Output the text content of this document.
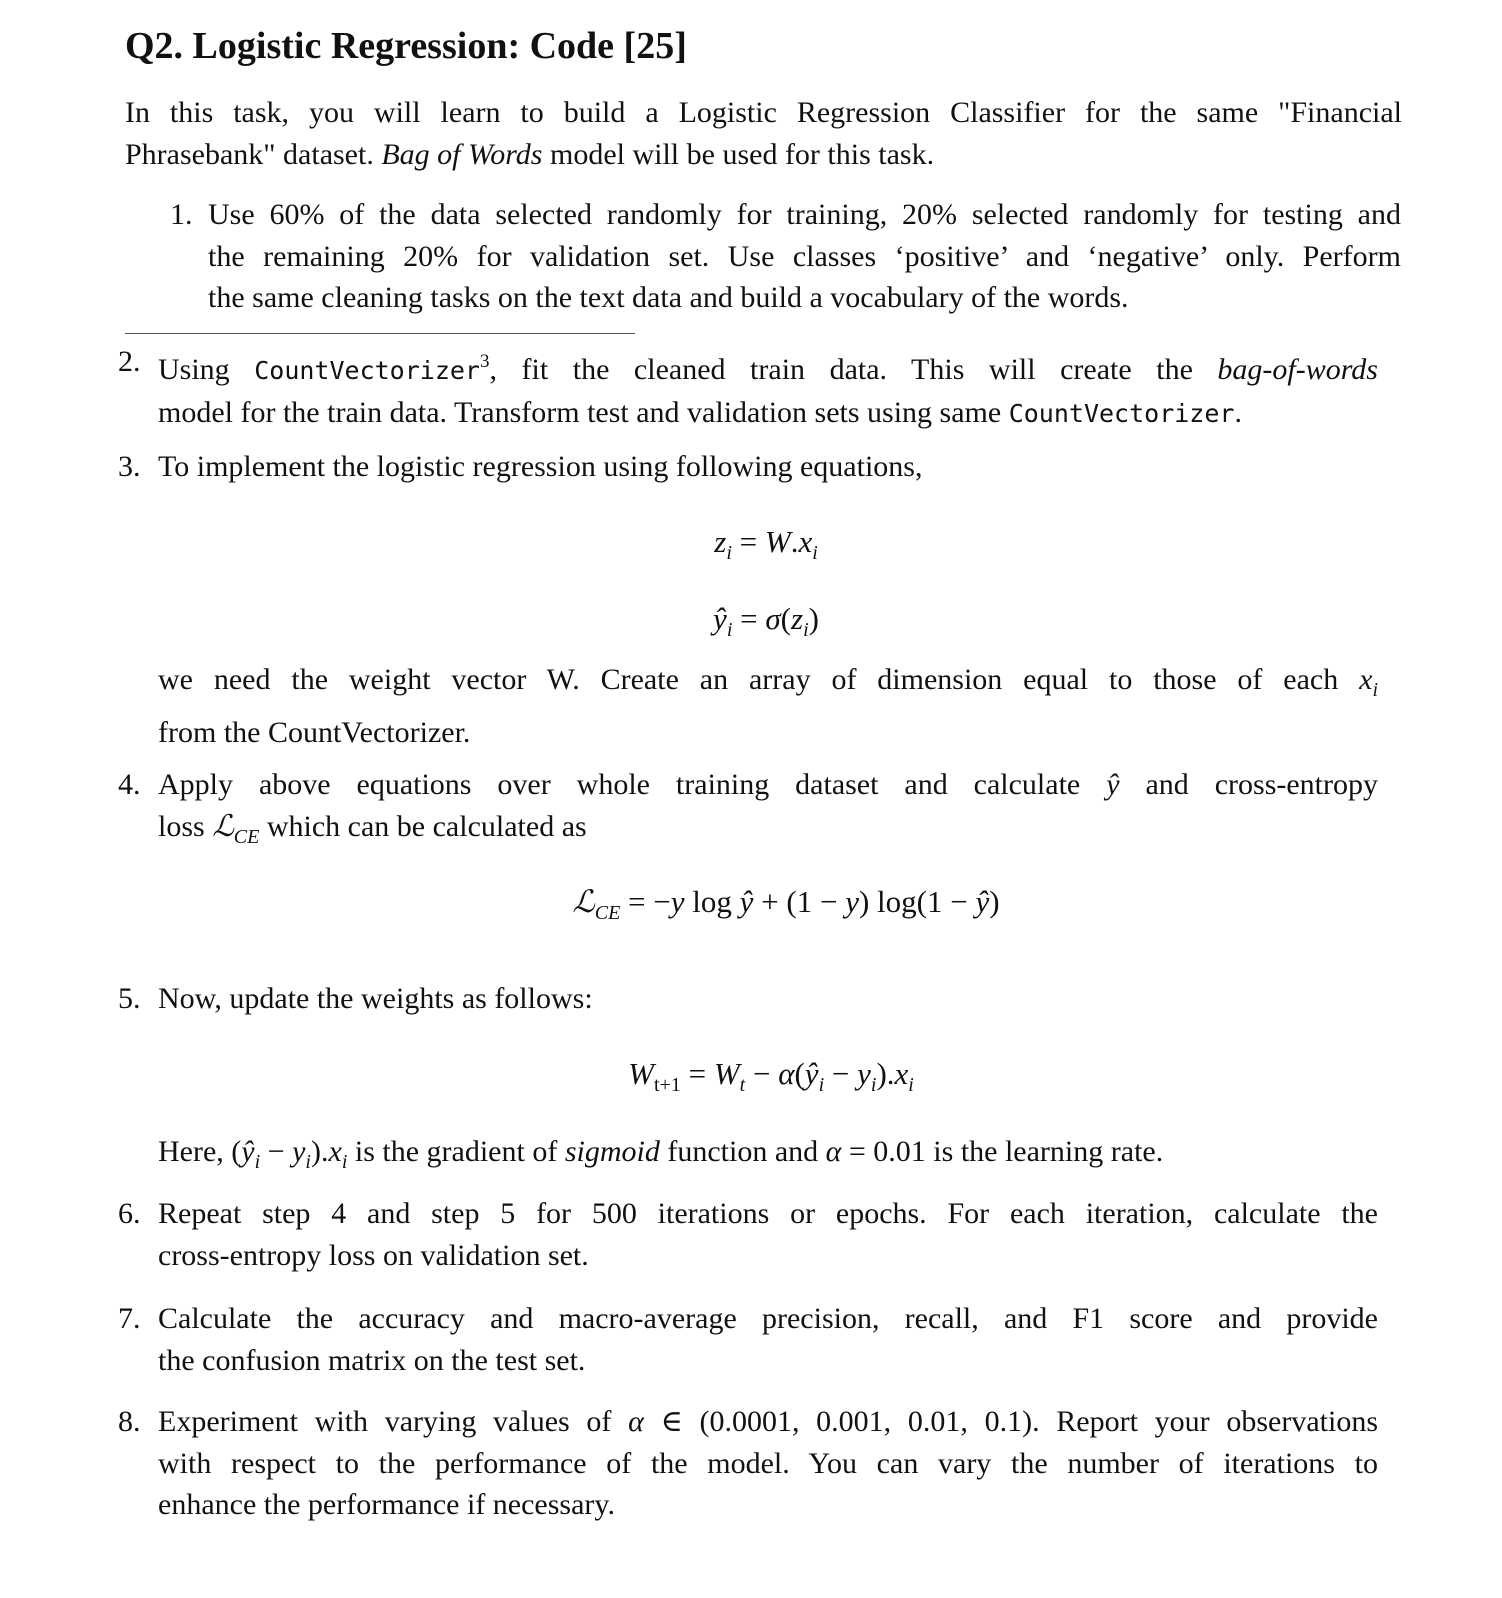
Q2. Logistic Regression: Code [25]
In this task, you will learn to build a Logistic Regression Classifier for the same "Financial
Phrasebank" dataset. Bag of Words model will be used for this task.
1. Use 60% of the data selected randomly for training, 20% selected randomly for testing and
the remaining 20% for validation set. Use classes ‘positive’ and ‘negative’ only. Perform
the same cleaning tasks on the text data and build a vocabulary of the words.
2. Using CountVectorizer$^3$, fit the cleaned train data. This will create the bag-of-words
model for the train data. Transform test and validation sets using same CountVectorizer.
3. To implement the logistic regression using following equations,
$z_i = W.x_i$
$ŷ_i = \sigma(z_i)$
we need the weight vector W. Create an array of dimension equal to those of each $x_i$
from the CountVectorizer.
4. Apply above equations over whole training dataset and calculate ŷ and cross-entropy
loss ℒ$_{CE}$ which can be calculated as
ℒ$_{CE}$ = −y log ŷ + (1 − y) log(1 − ŷ)
5. Now, update the weights as follows:
$W_{t+1} = W_t$ − $\alpha(ŷ_i - y_i).x_i$
Here, $(ŷ_i - y_i).x_i$ is the gradient of sigmoid function and α = 0.01 is the learning rate.
6. Repeat step 4 and step 5 for 500 iterations or epochs. For each iteration, calculate the
cross-entropy loss on validation set.
7. Calculate the accuracy and macro-average precision, recall, and F1 score and provide
the confusion matrix on the test set.
8. Experiment with varying values of α ∈ (0.0001, 0.001, 0.01, 0.1). Report your observations
with respect to the performance of the model. You can vary the number of iterations to
enhance the performance if necessary.
